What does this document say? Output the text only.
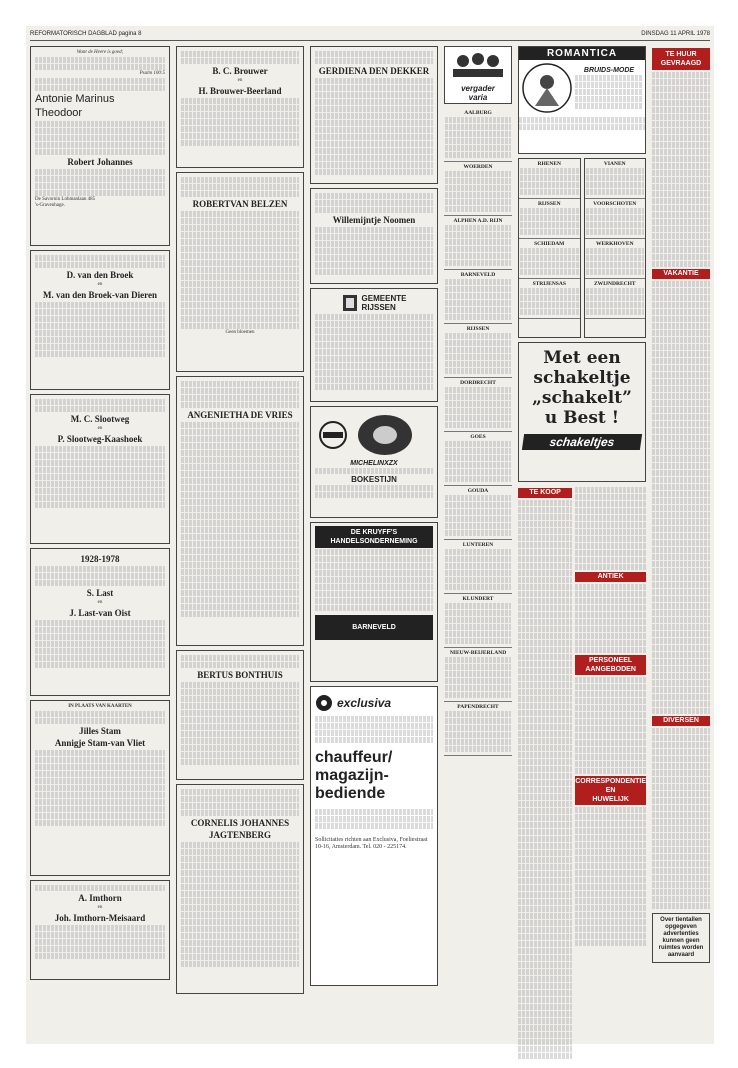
REFORMATORISCH DAGBLAD pagina 8	DINSDAG 11 APRIL 1978
Want de Heere is goed;
Psalm 100:5
Antonie Marinus
Theodoor
Robert Johannes
De Savornin Lohmanlaan 485
's-Gravenhage.
D. van den Broek
en
M. van den Broek-van Dieren
M. C. Slootweg
en
P. Slootweg-Kaashoek
1928-1978
S. Last
en
J. Last-van Oist
IN PLAATS VAN KAARTEN
Jilles Stam
Annigje Stam-van Vliet
A. Imthorn
en
Joh. Imthorn-Meisaard
B. C. Brouwer
en
H. Brouwer-Beerland
ROBERTVAN BELZEN
Geen bloemen
ANGENIETHA DE VRIES
BERTUS BONTHUIS
CORNELIS JOHANNES
JAGTENBERG
GERDIENA DEN DEKKER
Willemijntje Noomen
GEMEENTE
RIJSSEN
MICHELINXZX
BOKESTIJN
DE KRUYFF'S
HANDELSONDERNEMING
BARNEVELD
exclusiva
chauffeur/ magazijn-bediende
Sollicitaties richten aan Exclusiva, Foeliestraat 10-16, Amsterdam. Tel. 020 - 225174.
vergader
varia
AALBURG
WOERDEN
ALPHEN A.D. RIJN
BARNEVELD
RIJSSEN
DORDRECHT
GOES
GOUDA
LUNTEREN
KLUNDERT
NIEUW-BEIJERLAND
PAPENDRECHT
ROMANTICA
BRUIDS-MODE
RHENEN
RIJSSEN
SCHIEDAM
STRIJENSAS
VIANEN
VOORSCHOTEN
WERKHOVEN
ZWIJNDRECHT
Met een
schakeltje
„schakelt”
u Best !
schakeltjes
TE KOOP
ANTIEK
PERSONEEL
AANGEBODEN
CORRESPONDENTIE
EN
HUWELIJK
TE HUUR
GEVRAAGD
VAKANTIE
DIVERSEN
Over tientallen opgegeven advertenties kunnen geen ruimtes worden aanvaard
